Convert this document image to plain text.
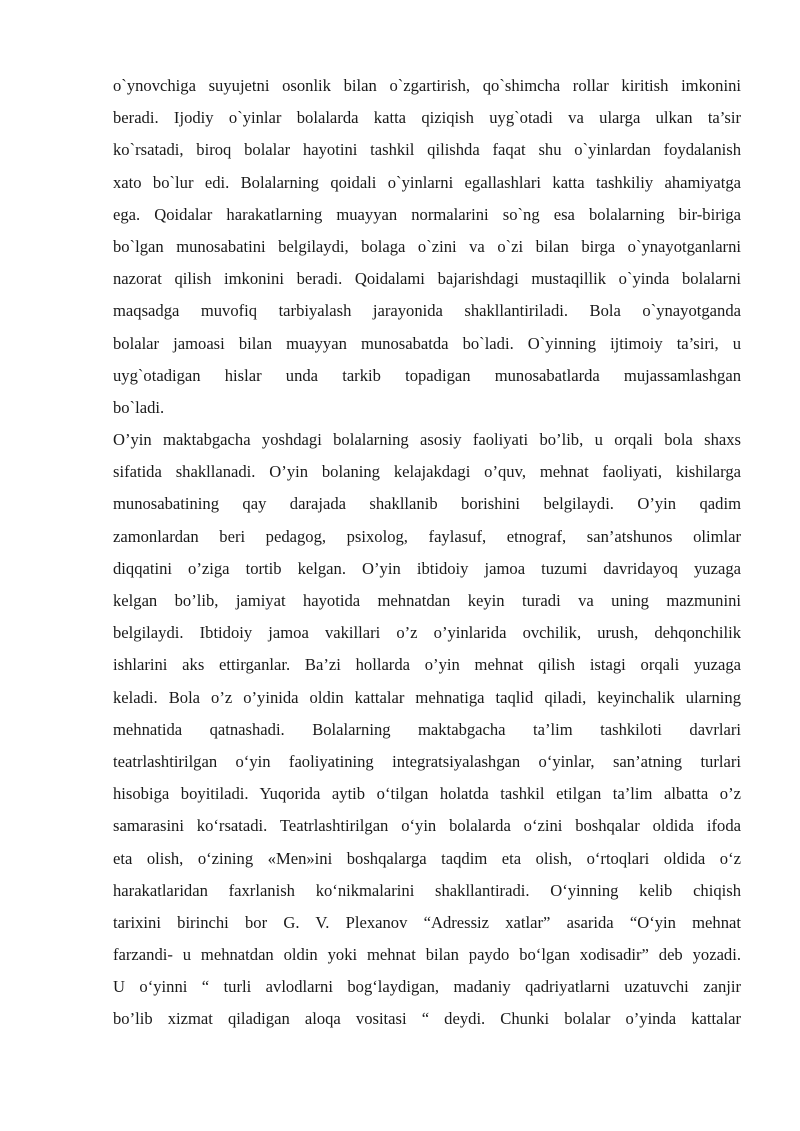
o`ynovchiga suyujetni osonlik bilan o`zgartirish, qo`shimcha rollar kiritish imkonini
beradi. Ijodiy o`yinlar bolalarda katta qiziqish uyg`otadi va ularga ulkan ta’sir
ko`rsatadi, biroq bolalar hayotini tashkil qilishda faqat shu o`yinlardan foydalanish
xato bo`lur edi. Bolalarning qoidali o`yinlarni egallashlari katta tashkiliy ahamiyatga
ega. Qoidalar harakatlarning muayyan normalarini so`ng esa bolalarning bir-biriga
bo`lgan munosabatini belgilaydi, bolaga o`zini va o`zi bilan birga o`ynayotganlarni
nazorat qilish imkonini beradi. Qoidalami bajarishdagi mustaqillik o`yinda bolalarni
maqsadga muvofiq tarbiyalash jarayonida shakllantiriladi. Bola o`ynayotganda
bolalar jamoasi bilan muayyan munosabatda bo`ladi. O`yinning ijtimoiy ta’siri, u
uyg`otadigan hislar unda tarkib topadigan munosabatlarda mujassamlashgan
bo`ladi.
O’yin maktabgacha yoshdagi bolalarning asosiy faoliyati bo’lib, u orqali bola shaxs
sifatida shakllanadi. O’yin bolaning kelajakdagi o’quv, mehnat faoliyati, kishilarga
munosabatining qay darajada shakllanib borishini belgilaydi. O’yin qadim
zamonlardan beri pedagog, psixolog, faylasuf, etnograf, san’atshunos olimlar
diqqatini o’ziga tortib kelgan. O’yin ibtidoiy jamoa tuzumi davridayoq yuzaga
kelgan bo’lib, jamiyat hayotida mehnatdan keyin turadi va uning mazmunini
belgilaydi. Ibtidoiy jamoa vakillari o’z o’yinlarida ovchilik, urush, dehqonchilik
ishlarini aks ettirganlar. Ba’zi hollarda o’yin mehnat qilish istagi orqali yuzaga
keladi. Bola o’z o’yinida oldin kattalar mehnatiga taqlid qiladi, keyinchalik ularning
mehnatida qatnashadi. Bolalarning maktabgacha ta’lim tashkiloti davrlari
teatrlashtirilgan o‘yin faoliyatining integratsiyalashgan o‘yinlar, san’atning turlari
hisobiga boyitiladi. Yuqorida aytib o‘tilgan holatda tashkil etilgan ta’lim albatta o’z
samarasini ko‘rsatadi. Teatrlashtirilgan o‘yin bolalarda o‘zini boshqalar oldida ifoda
eta olish, o‘zining «Men»ini boshqalarga taqdim eta olish, o‘rtoqlari oldida o‘z
harakatlaridan faxrlanish ko‘nikmalarini shakllantiradi. O‘yinning kelib chiqish
tarixini birinchi bor G. V. Plexanov “Adressiz xatlar” asarida “O‘yin mehnat
farzandi- u mehnatdan oldin yoki mehnat bilan paydo bo‘lgan xodisadir” deb yozadi.
U o‘yinni “ turli avlodlarni bog‘laydigan, madaniy qadriyatlarni uzatuvchi zanjir
bo’lib xizmat qiladigan aloqa vositasi “ deydi. Chunki bolalar o’yinda kattalar
